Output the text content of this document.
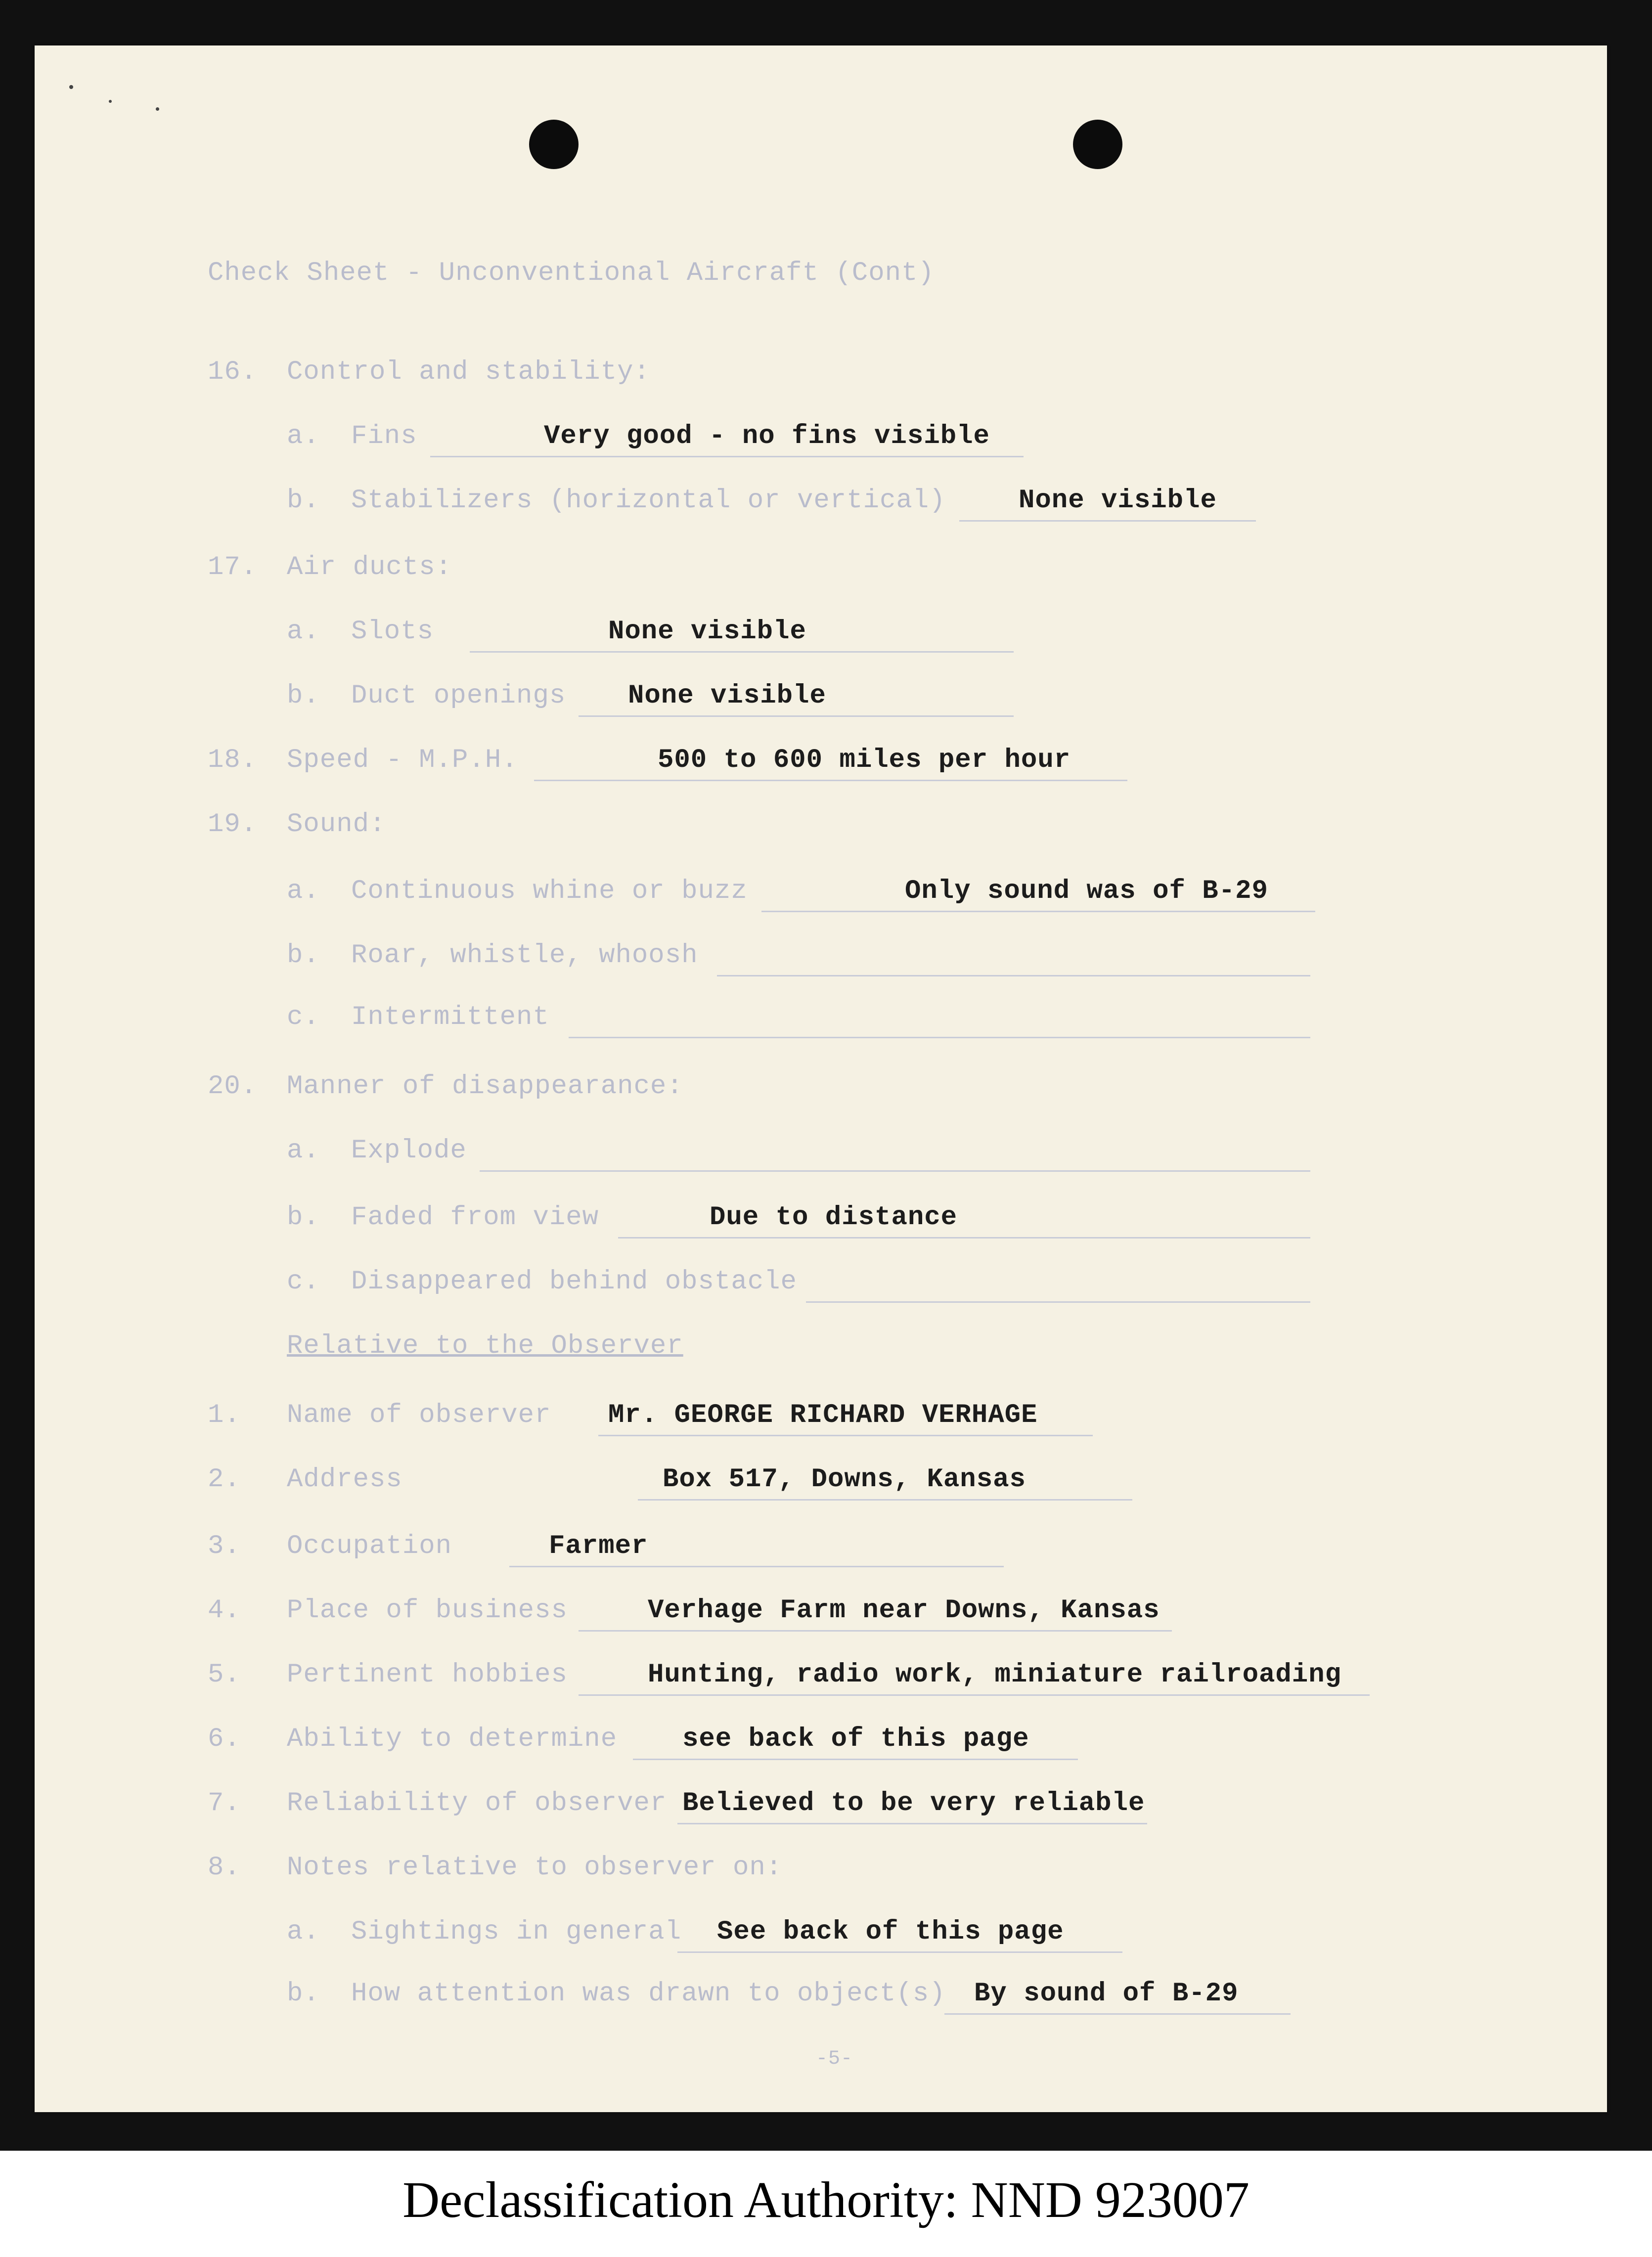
Check Sheet - Unconventional Aircraft (Cont)
16. Control and stability:
a. Fins	Very good - no fins visible
b. Stabilizers (horizontal or vertical)	None visible
17. Air ducts:
a. Slots	None visible
b. Duct openings None visible
18. Speed - M.P.H.	500 to 600 miles per hour
19. Sound:
a. Continuous whine or buzz	Only sound was of B-29
b. Roar, whistle, whoosh
c. Intermittent
20. Manner of disappearance:
a. Explode
b. Faded from view	Due to distance
c. Disappeared behind obstacle
Relative to the Observer
1. Name of observer Mr. GEORGE RICHARD VERHAGE
2. Address	Box 517, Downs, Kansas
3. Occupation	Farmer
4. Place of business	Verhage Farm near Downs, Kansas
5. Pertinent hobbies	Hunting, radio work, miniature railroading
6. Ability to determine see back of this page
7. Reliability of observer Believed to be very reliable
8. Notes relative to observer on:
a. Sightings in general See back of this page
b. How attention was drawn to object(s) By sound of B-29
-5-
Declassification Authority: NND 923007
